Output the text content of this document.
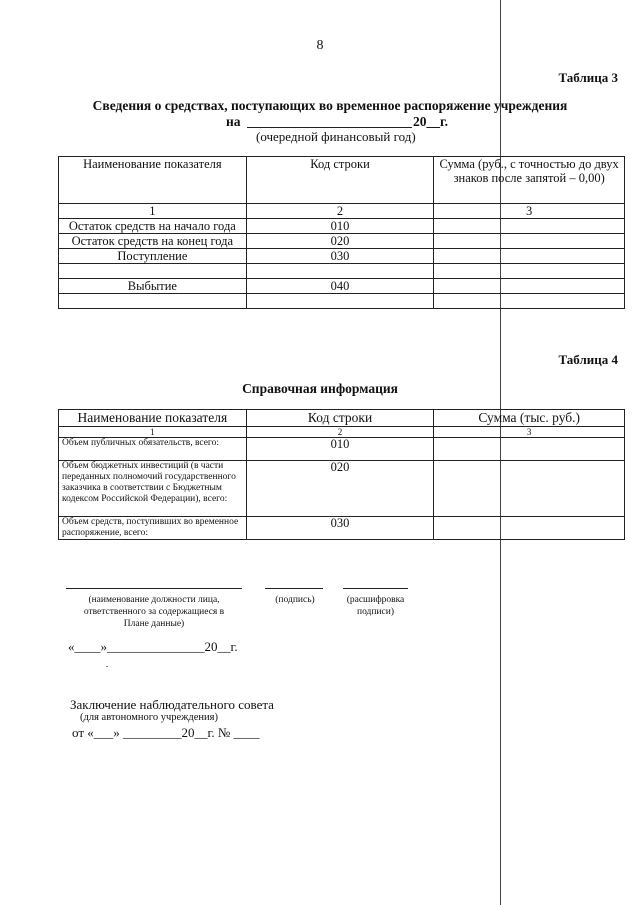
8
Таблица 3
Сведения о средствах, поступающих во временное распоряжение учреждения
на	20__г.
(очередной финансовый год)
Наименование показателя	Код строки	Сумма (руб., с точностью до двух знаков после запятой – 0,00)
1	2	3
Остаток средств на начало года	010	
Остаток средств на конец года	020	
Поступление	030	

Выбытие	040	

Таблица 4
Справочная информация
Наименование показателя	Код строки	Сумма (тыс. руб.)
1	2	3
Объем публичных обязательств, всего:	010	
Объем бюджетных инвестиций (в части переданных полномочий государственного заказчика в соответствии с Бюджетным кодексом Российской Федерации), всего:	020	
Объем средств, поступивших во временное распоряжение, всего:	030	
(наименование должности лица, ответственного за содержащиеся в Плане данные)
(подпись)	(расшифровка подписи)
«____»_______________20__г.
Заключение наблюдательного совета
(для автономного учреждения)
от «___» _________20__г. № ____
